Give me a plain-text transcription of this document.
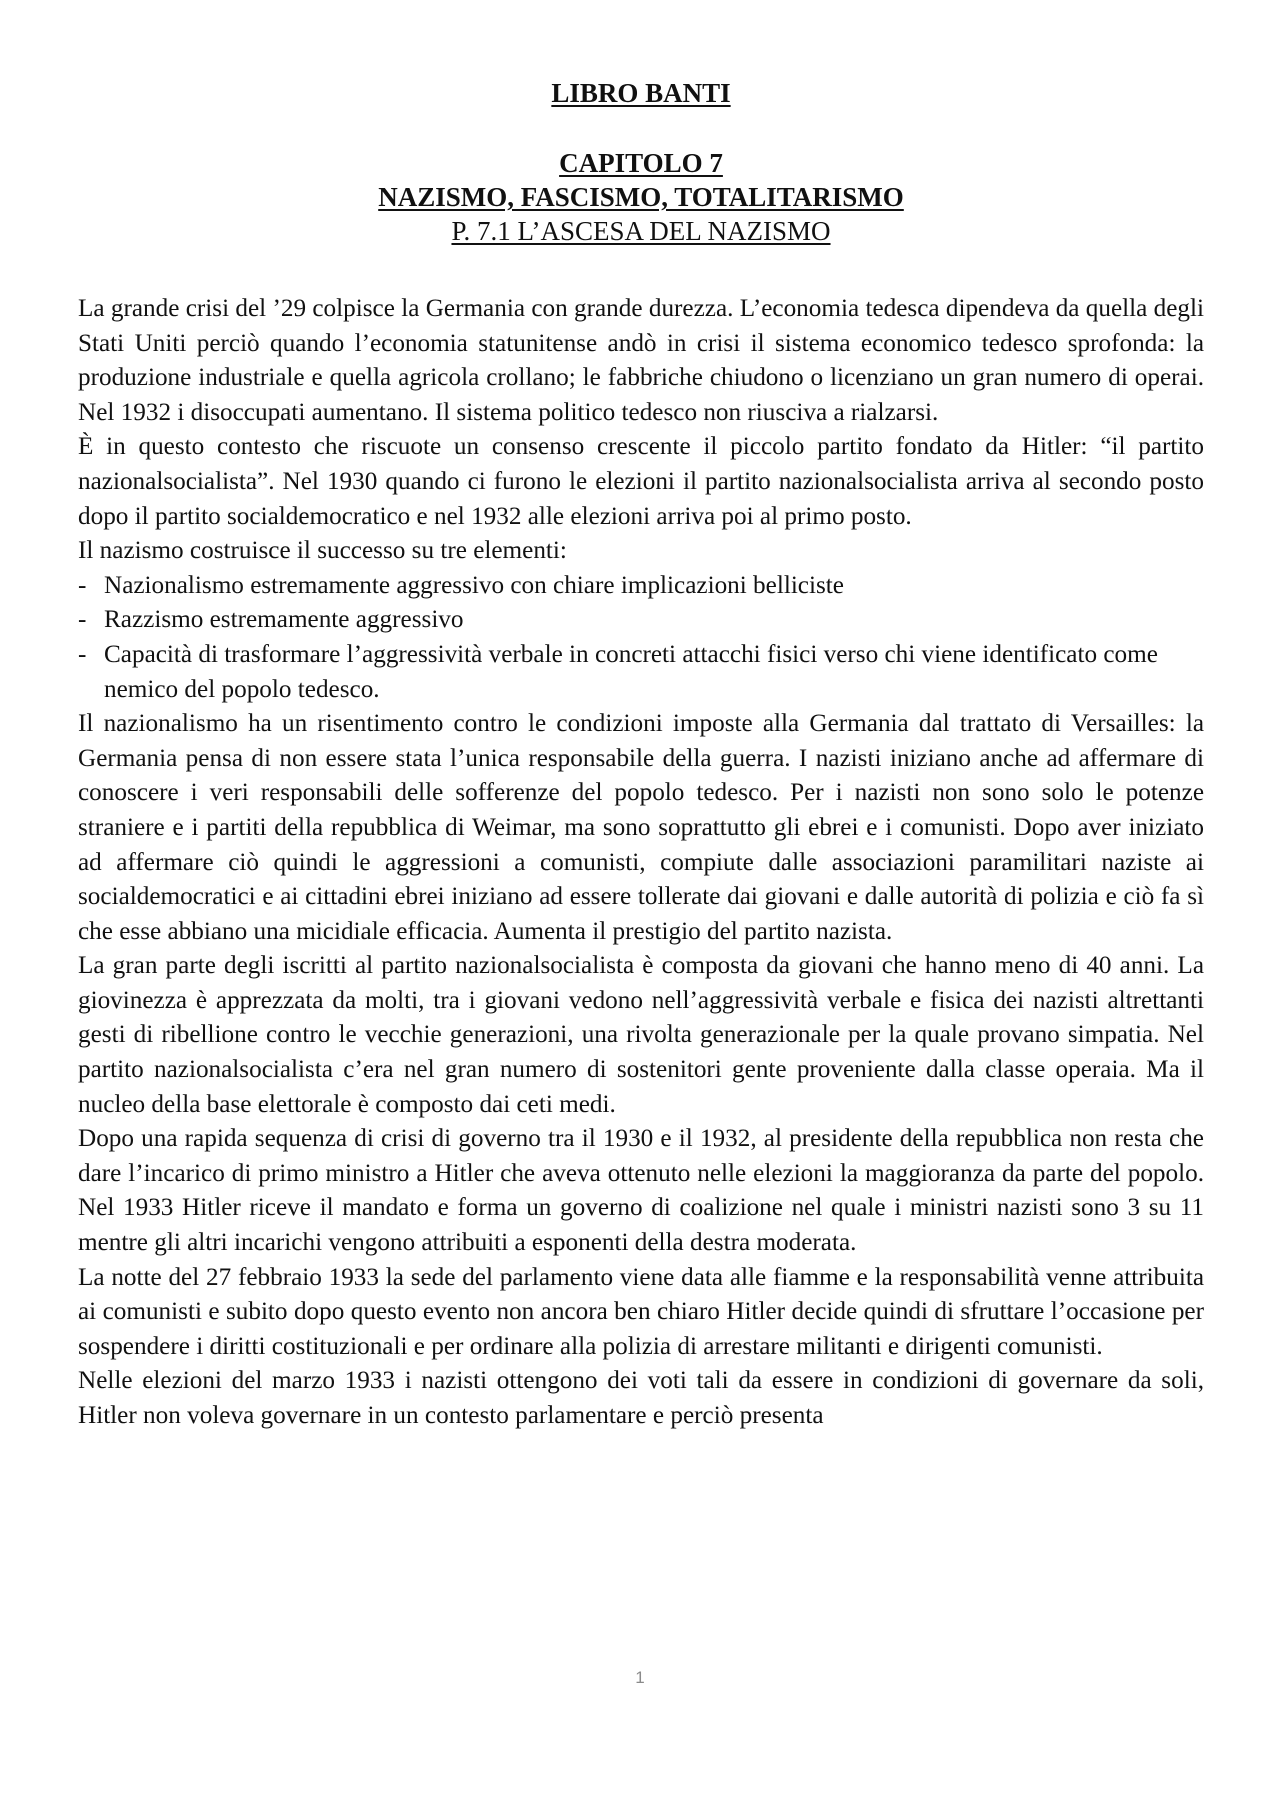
LIBRO BANTI

CAPITOLO 7

NAZISMO, FASCISMO, TOTALITARISMO

P. 7.1 L’ASCESA DEL NAZISMO

La grande crisi del ’29 colpisce la Germania con grande durezza. L’economia tedesca dipendeva da quella degli Stati Uniti perciò quando l’economia statunitense andò in crisi il sistema economico tedesco sprofonda: la produzione industriale e quella agricola crollano; le fabbriche chiudono o licenziano un gran numero di operai. Nel 1932 i disoccupati aumentano. Il sistema politico tedesco non riusciva a rialzarsi.

È in questo contesto che riscuote un consenso crescente il piccolo partito fondato da Hitler: “il partito nazionalsocialista”. Nel 1930 quando ci furono le elezioni il partito nazionalsocialista arriva al secondo posto dopo il partito socialdemocratico e nel 1932 alle elezioni arriva poi al primo posto.

Il nazismo costruisce il successo su tre elementi:

- Nazionalismo estremamente aggressivo con chiare implicazioni belliciste
- Razzismo estremamente aggressivo
- Capacità di trasformare l’aggressività verbale in concreti attacchi fisici verso chi viene identificato come nemico del popolo tedesco.

Il nazionalismo ha un risentimento contro le condizioni imposte alla Germania dal trattato di Versailles: la Germania pensa di non essere stata l’unica responsabile della guerra. I nazisti iniziano anche ad affermare di conoscere i veri responsabili delle sofferenze del popolo tedesco. Per i nazisti non sono solo le potenze straniere e i partiti della repubblica di Weimar, ma sono soprattutto gli ebrei e i comunisti. Dopo aver iniziato ad affermare ciò quindi le aggressioni a comunisti, compiute dalle associazioni paramilitari naziste ai socialdemocratici e ai cittadini ebrei iniziano ad essere tollerate dai giovani e dalle autorità di polizia e ciò fa sì che esse abbiano una micidiale efficacia. Aumenta il prestigio del partito nazista.

La gran parte degli iscritti al partito nazionalsocialista è composta da giovani che hanno meno di 40 anni. La giovinezza è apprezzata da molti, tra i giovani vedono nell’aggressività verbale e fisica dei nazisti altrettanti gesti di ribellione contro le vecchie generazioni, una rivolta generazionale per la quale provano simpatia. Nel partito nazionalsocialista c’era nel gran numero di sostenitori gente proveniente dalla classe operaia. Ma il nucleo della base elettorale è composto dai ceti medi.

Dopo una rapida sequenza di crisi di governo tra il 1930 e il 1932, al presidente della repubblica non resta che dare l’incarico di primo ministro a Hitler che aveva ottenuto nelle elezioni la maggioranza da parte del popolo. Nel 1933 Hitler riceve il mandato e forma un governo di coalizione nel quale i ministri nazisti sono 3 su 11 mentre gli altri incarichi vengono attribuiti a esponenti della destra moderata.

La notte del 27 febbraio 1933 la sede del parlamento viene data alle fiamme e la responsabilità venne attribuita ai comunisti e subito dopo questo evento non ancora ben chiaro Hitler decide quindi di sfruttare l’occasione per sospendere i diritti costituzionali e per ordinare alla polizia di arrestare militanti e dirigenti comunisti.

Nelle elezioni del marzo 1933 i nazisti ottengono dei voti tali da essere in condizioni di governare da soli, Hitler non voleva governare in un contesto parlamentare e perciò presenta

1
